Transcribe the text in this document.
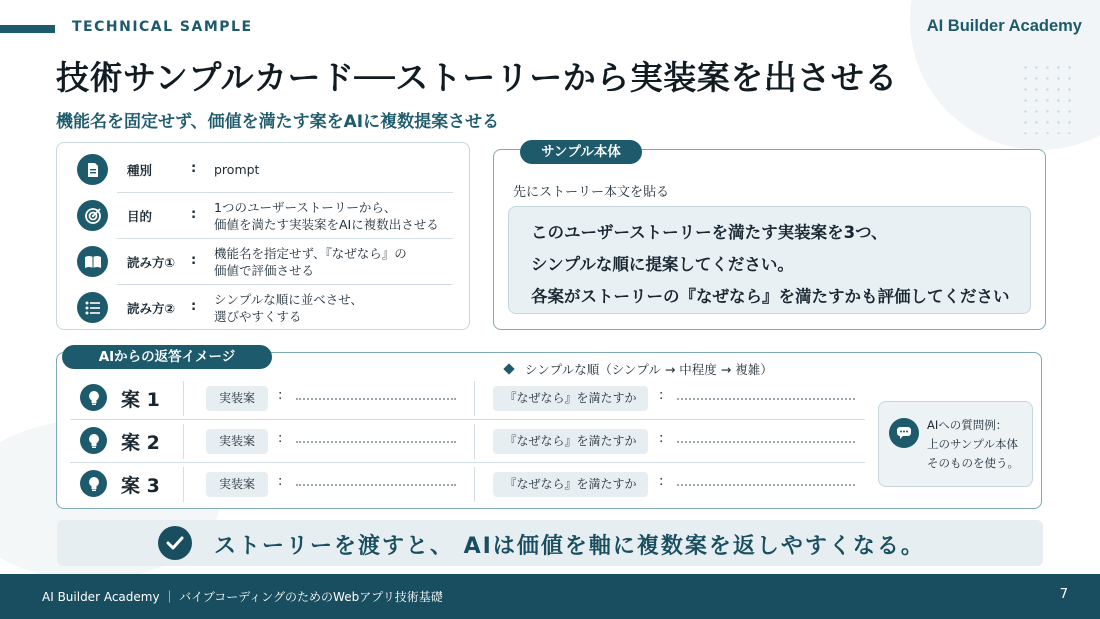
TECHNICAL SAMPLE	AI Builder Academy
技術サンプルカード──ストーリーから実装案を出させる
機能名を固定せず、価値を満たす案をAIに複数提案させる
種別	: prompt
目的	: 1つのユーザーストーリーから、
価値を満たす実装案をAIに複数出させる
読み方① : 機能名を指定せず、『なぜなら』の
価値で評価させる
読み方② : シンプルな順に並べさせ、
選びやすくする
サンプル本体
先にストーリー本文を貼る
このユーザーストーリーを満たす実装案を3つ、
シンプルな順に提案してください。
各案がストーリーの『なぜなら』を満たすかも評価してください
AIからの返答イメージ
シンプルな順（シンプル → 中程度 → 複雑）
案 1	実装案	:	『なぜなら』を満たすか	:
案 2	実装案	:	『なぜなら』を満たすか	:
案 3	実装案	:	『なぜなら』を満たすか	:
AIへの質問例：
上のサンプル本体
そのものを使う。
ストーリーを渡すと、 AIは価値を軸に複数案を返しやすくなる。
AI Builder Academy ｜ バイブコーディングのためのWebアプリ技術基礎	7
